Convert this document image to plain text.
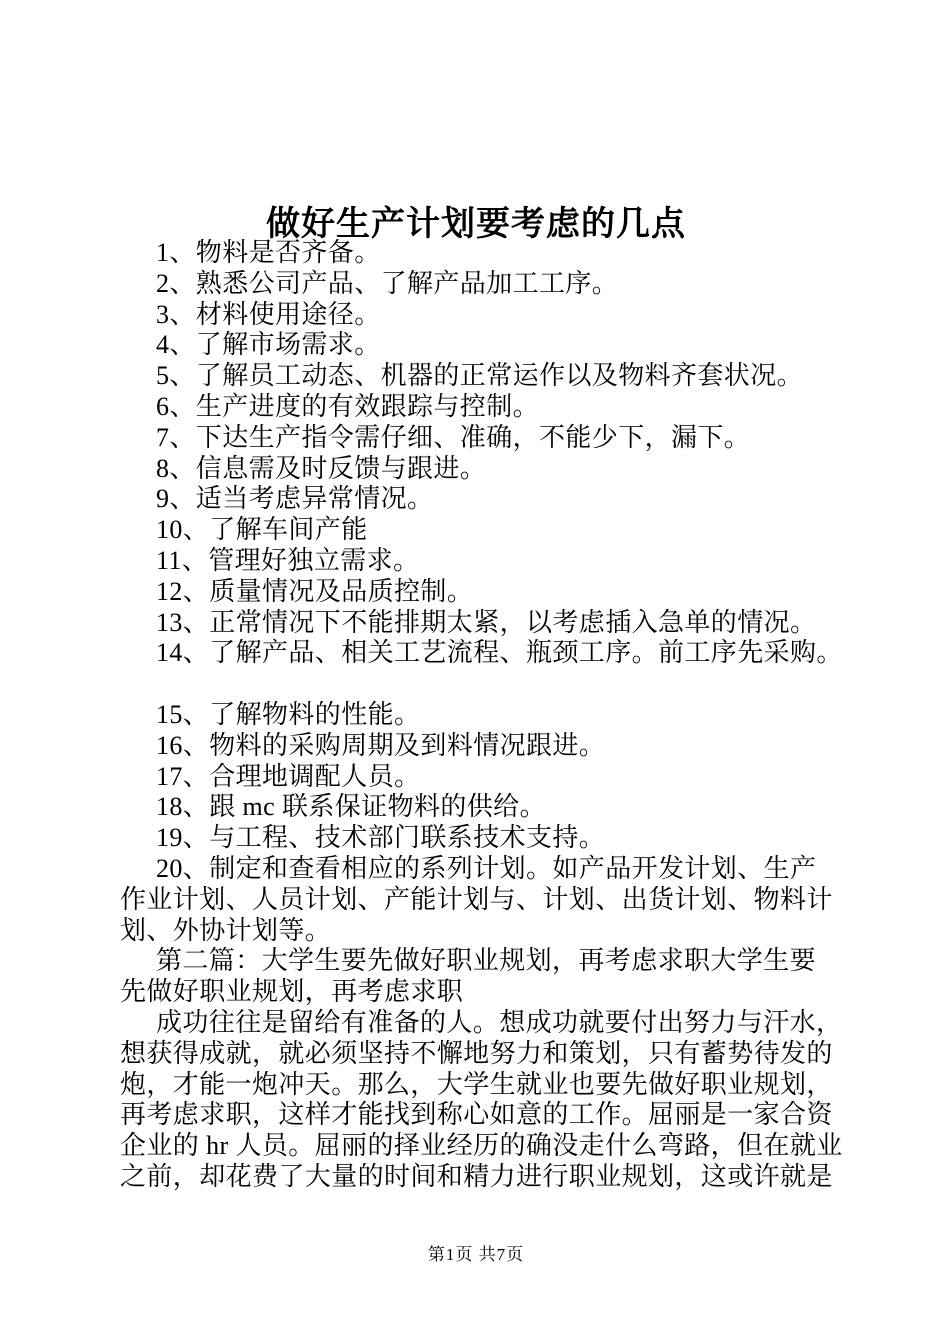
做好生产计划要考虑的几点
1、物料是否齐备。
2、熟悉公司产品、了解产品加工工序。
3、材料使用途径。
4、了解市场需求。
5、了解员工动态、机器的正常运作以及物料齐套状况。
6、生产进度的有效跟踪与控制。
7、下达生产指令需仔细、准确，不能少下，漏下。
8、信息需及时反馈与跟进。
9、适当考虑异常情况。
10、了解车间产能
11、管理好独立需求。
12、质量情况及品质控制。
13、正常情况下不能排期太紧，以考虑插入急单的情况。
14、了解产品、相关工艺流程、瓶颈工序。前工序先采购。
15、了解物料的性能。
16、物料的采购周期及到料情况跟进。
17、合理地调配人员。
18、跟 mc 联系保证物料的供给。
19、与工程、技术部门联系技术支持。
20、制定和查看相应的系列计划。如产品开发计划、生产
作业计划、人员计划、产能计划与、计划、出货计划、物料计
划、外协计划等。
第二篇：大学生要先做好职业规划，再考虑求职大学生要
先做好职业规划，再考虑求职
成功往往是留给有准备的人。想成功就要付出努力与汗水，
想获得成就，就必须坚持不懈地努力和策划，只有蓄势待发的
炮，才能一炮冲天。那么，大学生就业也要先做好职业规划，
再考虑求职，这样才能找到称心如意的工作。屈丽是一家合资
企业的 hr 人员。屈丽的择业经历的确没走什么弯路，但在就业
之前，却花费了大量的时间和精力进行职业规划，这或许就是
第1页 共7页
